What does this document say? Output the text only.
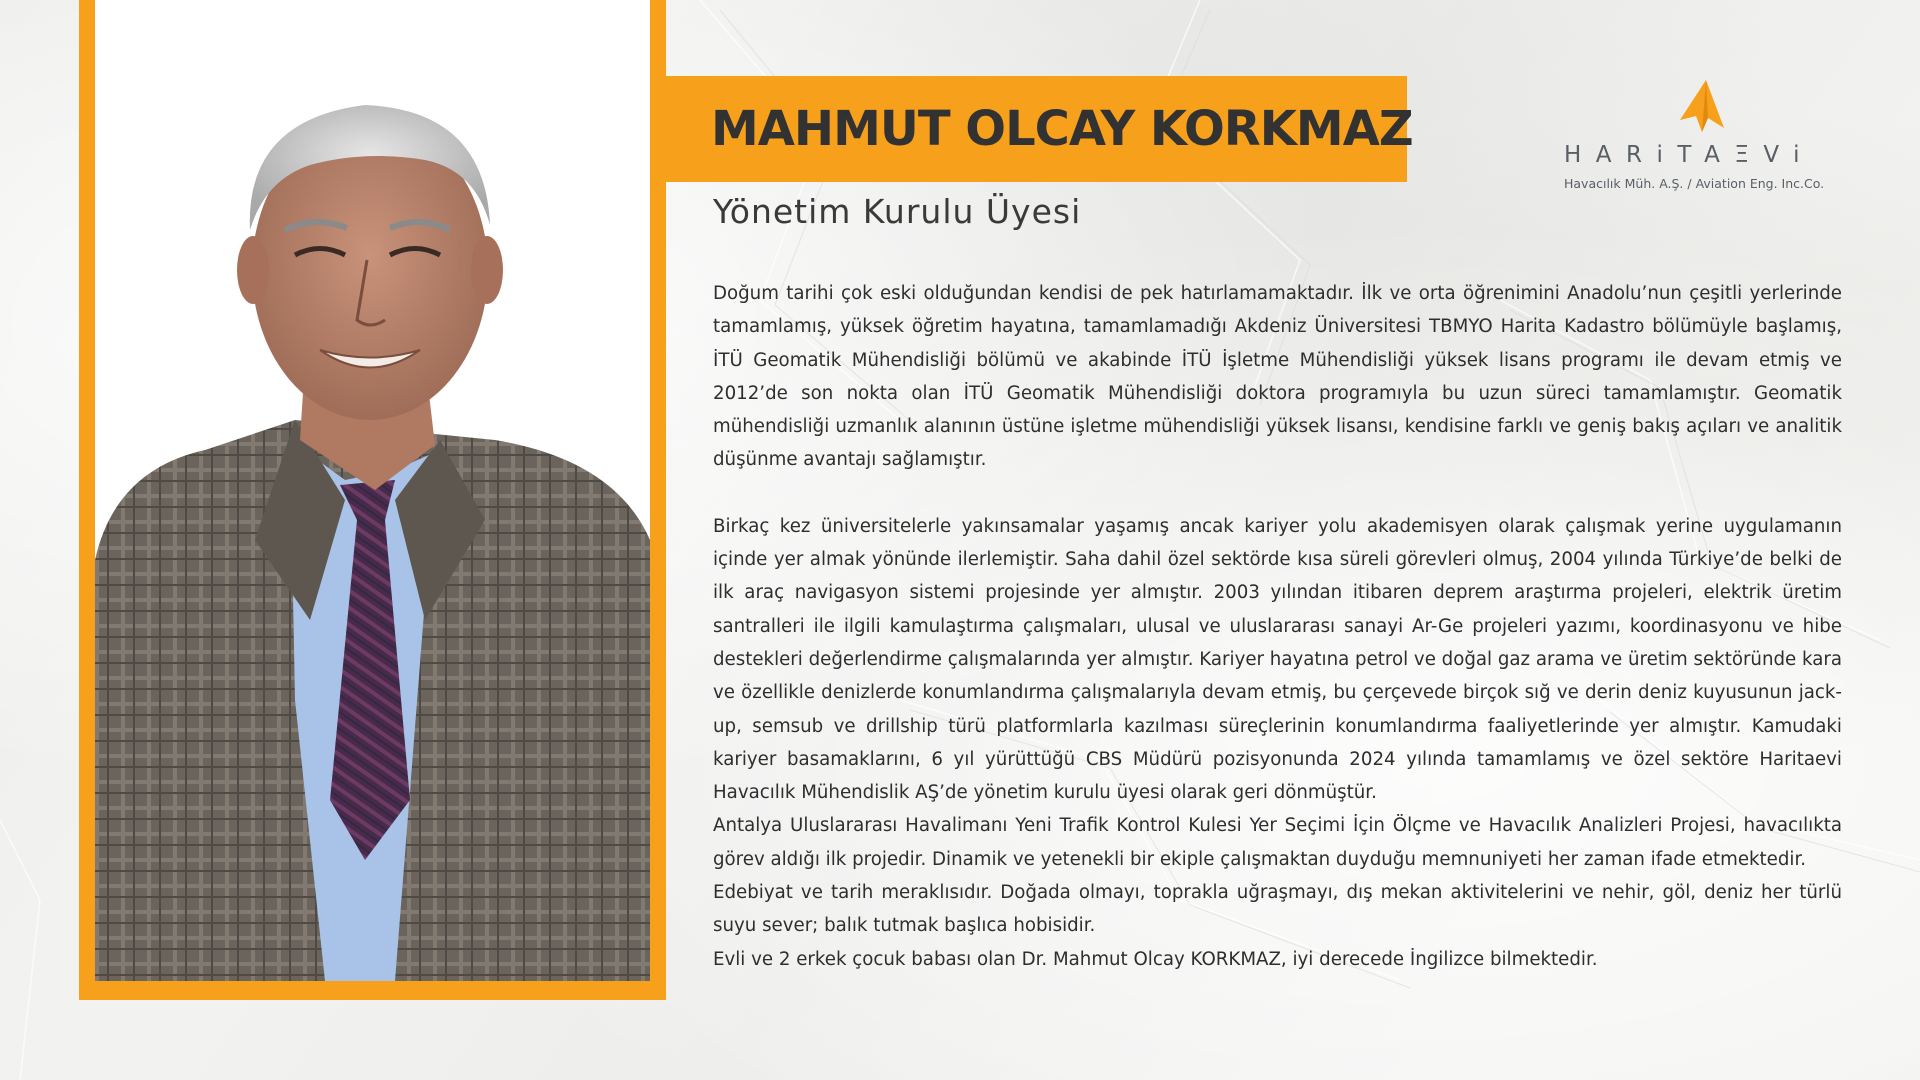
MAHMUT OLCAY KORKMAZ
Yönetim Kurulu Üyesi
HARiTAΞVi
Havacılık Müh. A.Ş. / Aviation Eng. Inc.Co.

Doğum tarihi çok eski olduğundan kendisi de pek hatırlamamaktadır. İlk ve orta öğrenimini Anadolu’nun çeşitli yerlerinde tamamlamış, yüksek öğretim hayatına, tamamlamadığı Akdeniz Üniversitesi TBMYO Harita Kadastro bölümüyle başlamış, İTÜ Geomatik Mühendisliği bölümü ve akabinde İTÜ İşletme Mühendisliği yüksek lisans programı ile devam etmiş ve 2012’de son nokta olan İTÜ Geomatik Mühendisliği doktora programıyla bu uzun süreci tamamlamıştır. Geomatik mühendisliği uzmanlık alanının üstüne işletme mühendisliği yüksek lisansı, kendisine farklı ve geniş bakış açıları ve analitik düşünme avantajı sağlamıştır.

Birkaç kez üniversitelerle yakınsamalar yaşamış ancak kariyer yolu akademisyen olarak çalışmak yerine uygulamanın içinde yer almak yönünde ilerlemiştir. Saha dahil özel sektörde kısa süreli görevleri olmuş, 2004 yılında Türkiye’de belki de ilk araç navigasyon sistemi projesinde yer almıştır. 2003 yılından itibaren deprem araştırma projeleri, elektrik üretim santralleri ile ilgili kamulaştırma çalışmaları, ulusal ve uluslararası sanayi Ar-Ge projeleri yazımı, koordinasyonu ve hibe destekleri değerlendirme çalışmalarında yer almıştır. Kariyer hayatına petrol ve doğal gaz arama ve üretim sektöründe kara ve özellikle denizlerde konumlandırma çalışmalarıyla devam etmiş, bu çerçevede birçok sığ ve derin deniz kuyusunun jack-up, semsub ve drillship türü platformlarla kazılması süreçlerinin konumlandırma faaliyetlerinde yer almıştır. Kamudaki kariyer basamaklarını, 6 yıl yürüttüğü CBS Müdürü pozisyonunda 2024 yılında tamamlamış ve özel sektöre Haritaevi Havacılık Mühendislik AŞ’de yönetim kurulu üyesi olarak geri dönmüştür.

Antalya Uluslararası Havalimanı Yeni Trafik Kontrol Kulesi Yer Seçimi İçin Ölçme ve Havacılık Analizleri Projesi, havacılıkta görev aldığı ilk projedir. Dinamik ve yetenekli bir ekiple çalışmaktan duyduğu memnuniyeti her zaman ifade etmektedir.

Edebiyat ve tarih meraklısıdır. Doğada olmayı, toprakla uğraşmayı, dış mekan aktivitelerini ve nehir, göl, deniz her türlü suyu sever; balık tutmak başlıca hobisidir.

Evli ve 2 erkek çocuk babası olan Dr. Mahmut Olcay KORKMAZ, iyi derecede İngilizce bilmektedir.
